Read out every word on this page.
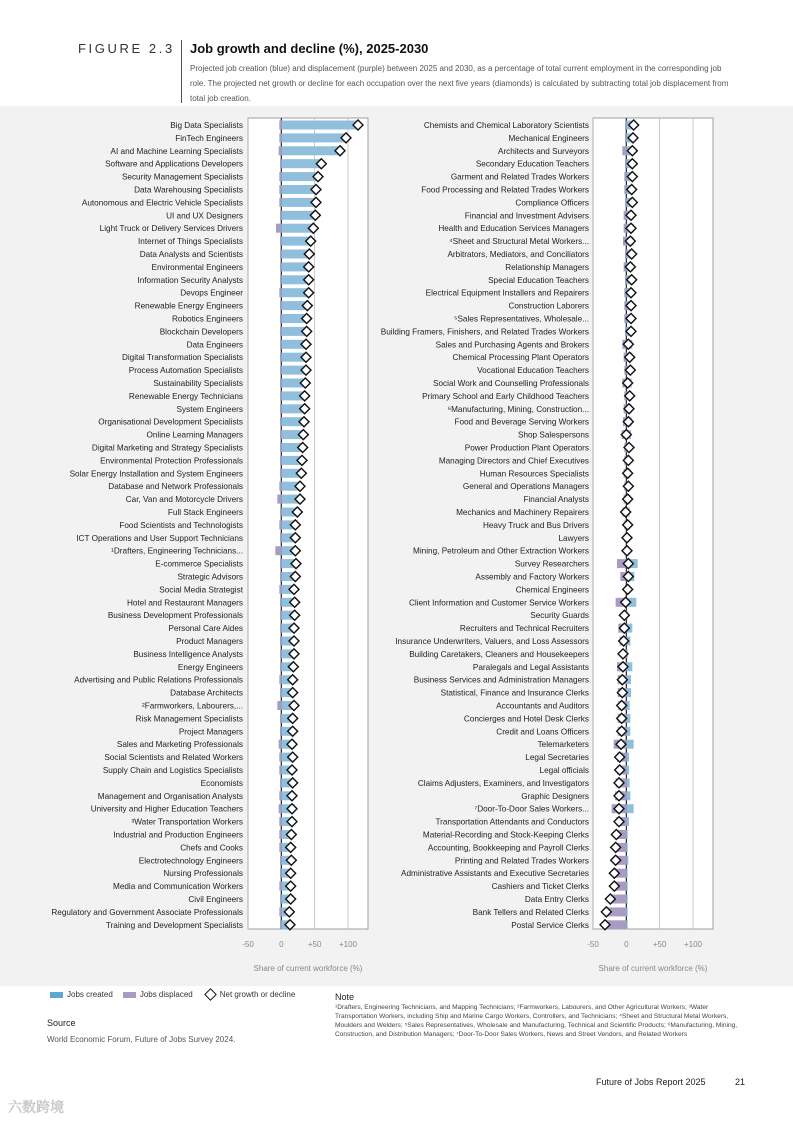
FIGURE 2.3 Job growth and decline (%), 2025-2030
Projected job creation (blue) and displacement (purple) between 2025 and 2030, as a percentage of total current employment in the corresponding job role. The projected net growth or decline for each occupation over the next five years (diamonds) is calculated by subtracting total job displacement from total job creation.
-50	0	+50 +100
Share of current workforce (%)
Big Data Specialists
FinTech Engineers
AI and Machine Learning Specialists
Software and Applications Developers
Security Management Specialists
Data Warehousing Specialists
Autonomous and Electric Vehicle Specialists
UI and UX Designers
Light Truck or Delivery Services Drivers
Internet of Things Specialists
Data Analysts and Scientists
Environmental Engineers
Information Security Analysts
Devops Engineer
Renewable Energy Engineers
Robotics Engineers
Blockchain Developers
Data Engineers
Digital Transformation Specialists
Process Automation Specialists
Sustainability Specialists
Renewable Energy Technicians
System Engineers
Organisational Development Specialists
Online Learning Managers
Digital Marketing and Strategy Specialists
Environmental Protection Professionals
Solar Energy Installation and System Engineers
Database and Network Professionals
Car, Van and Motorcycle Drivers
Full Stack Engineers
Food Scientists and Technologists
ICT Operations and User Support Technicians
¹Drafters, Engineering Technicians...
E-commerce Specialists
Strategic Advisors
Social Media Strategist
Hotel and Restaurant Managers
Business Development Professionals
Personal Care Aides
Product Managers
Business Intelligence Analysts
Energy Engineers
Advertising and Public Relations Professionals
Database Architects
²Farmworkers, Labourers,...
Risk Management Specialists
Project Managers
Sales and Marketing Professionals
Social Scientists and Related Workers
Supply Chain and Logistics Specialists
Economists
Management and Organisation Analysts
University and Higher Education Teachers
³Water Transportation Workers
Industrial and Production Engineers
Chefs and Cooks
Electrotechnology Engineers
Nursing Professionals
Media and Communication Workers
Civil Engineers
Regulatory and Government Associate Professionals
Training and Development Specialists
-50	0	+50 +100
Share of current workforce (%)
Chemists and Chemical Laboratory Scientists
Mechanical Engineers
Architects and Surveyors
Secondary Education Teachers
Garment and Related Trades Workers
Food Processing and Related Trades Workers
Compliance Officers
Financial and Investment Advisers
Health and Education Services Managers
⁴Sheet and Structural Metal Workers...
Arbitrators, Mediators, and Conciliators
Relationship Managers
Special Education Teachers
Electrical Equipment Installers and Repairers
Construction Laborers
⁵Sales Representatives, Wholesale...
Building Framers, Finishers, and Related Trades Workers
Sales and Purchasing Agents and Brokers
Chemical Processing Plant Operators
Vocational Education Teachers
Social Work and Counselling Professionals
Primary School and Early Childhood Teachers
⁶Manufacturing, Mining, Construction...
Food and Beverage Serving Workers
Shop Salespersons
Power Production Plant Operators
Managing Directors and Chief Executives
Human Resources Specialists
General and Operations Managers
Financial Analysts
Mechanics and Machinery Repairers
Heavy Truck and Bus Drivers
Lawyers
Mining, Petroleum and Other Extraction Workers
Survey Researchers
Assembly and Factory Workers
Chemical Engineers
Client Information and Customer Service Workers
Security Guards
Recruiters and Technical Recruiters
Insurance Underwriters, Valuers, and Loss Assessors
Building Caretakers, Cleaners and Housekeepers
Paralegals and Legal Assistants
Business Services and Administration Managers
Statistical, Finance and Insurance Clerks
Accountants and Auditors
Concierges and Hotel Desk Clerks
Credit and Loans Officers
Telemarketers
Legal Secretaries
Legal officials
Claims Adjusters, Examiners, and Investigators
Graphic Designers
⁷Door-To-Door Sales Workers...
Transportation Attendants and Conductors
Material-Recording and Stock-Keeping Clerks
Accounting, Bookkeeping and Payroll Clerks
Printing and Related Trades Workers
Administrative Assistants and Executive Secretaries
Cashiers and Ticket Clerks
Data Entry Clerks
Bank Tellers and Related Clerks
Postal Service Clerks
Jobs created	Jobs displaced	Net growth or decline
Source
World Economic Forum, Future of Jobs Survey 2024.
Note
¹Drafters, Engineering Technicians, and Mapping Technicians; ²Farmworkers, Labourers, and Other Agricultural Workers; ³Water Transportation Workers, including Ship and Marine Cargo Workers, Controllers, and Technicians; ⁴Sheet and Structural Metal Workers, Moulders and Welders; ⁵Sales Representatives, Wholesale and Manufacturing, Technical and Scientific Products; ⁶Manufacturing, Mining, Construction, and Distribution Managers; ⁷Door-To-Door Sales Workers, News and Street Vendors, and Related Workers
Future of Jobs Report 2025	21
六数跨境
